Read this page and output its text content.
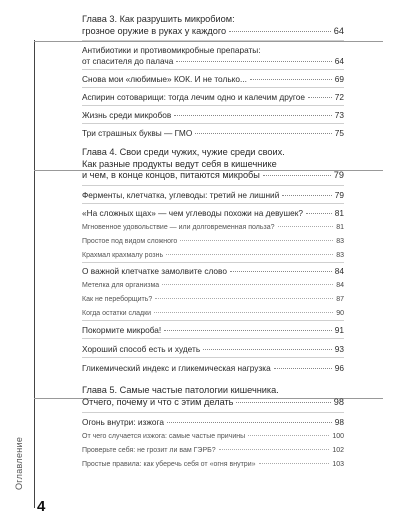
Оглавление
4
Глава 3. Как разрушить микробиом:
грозное оружие в руках у каждого	64
Антибиотики и противомикробные препараты:
от спасителя до палача	64
Снова мои «любимые» КОК. И не только...	69
Аспирин сотоварищи: тогда лечим одно и калечим другое	72
Жизнь среди микробов	73
Три страшных буквы — ГМО	75
Глава 4. Свои среди чужих, чужие среди своих.
Как разные продукты ведут себя в кишечнике
и чем, в конце концов, питаются микробы	79
Ферменты, клетчатка, углеводы: третий не лишний	79
«На сложных щах» — чем углеводы похожи на девушек?	81
Мгновенное удовольствие — или долговременная польза?	81
Простое под видом сложного	83
Крахмал крахмалу рознь	83
О важной клетчатке замолвите слово	84
Метелка для организма	84
Как не переборщить?	87
Когда остатки сладки	90
Покормите микроба!	91
Хороший способ есть и худеть	93
Гликемический индекс и гликемическая нагрузка	96
Глава 5. Самые частые патологии кишечника.
Отчего, почему и что с этим делать	98
Огонь внутри: изжога	98
От чего случается изжога: самые частые причины	100
Проверьте себя: не грозит ли вам ГЭРБ?	102
Простые правила: как уберечь себя от «огня внутри»	103
